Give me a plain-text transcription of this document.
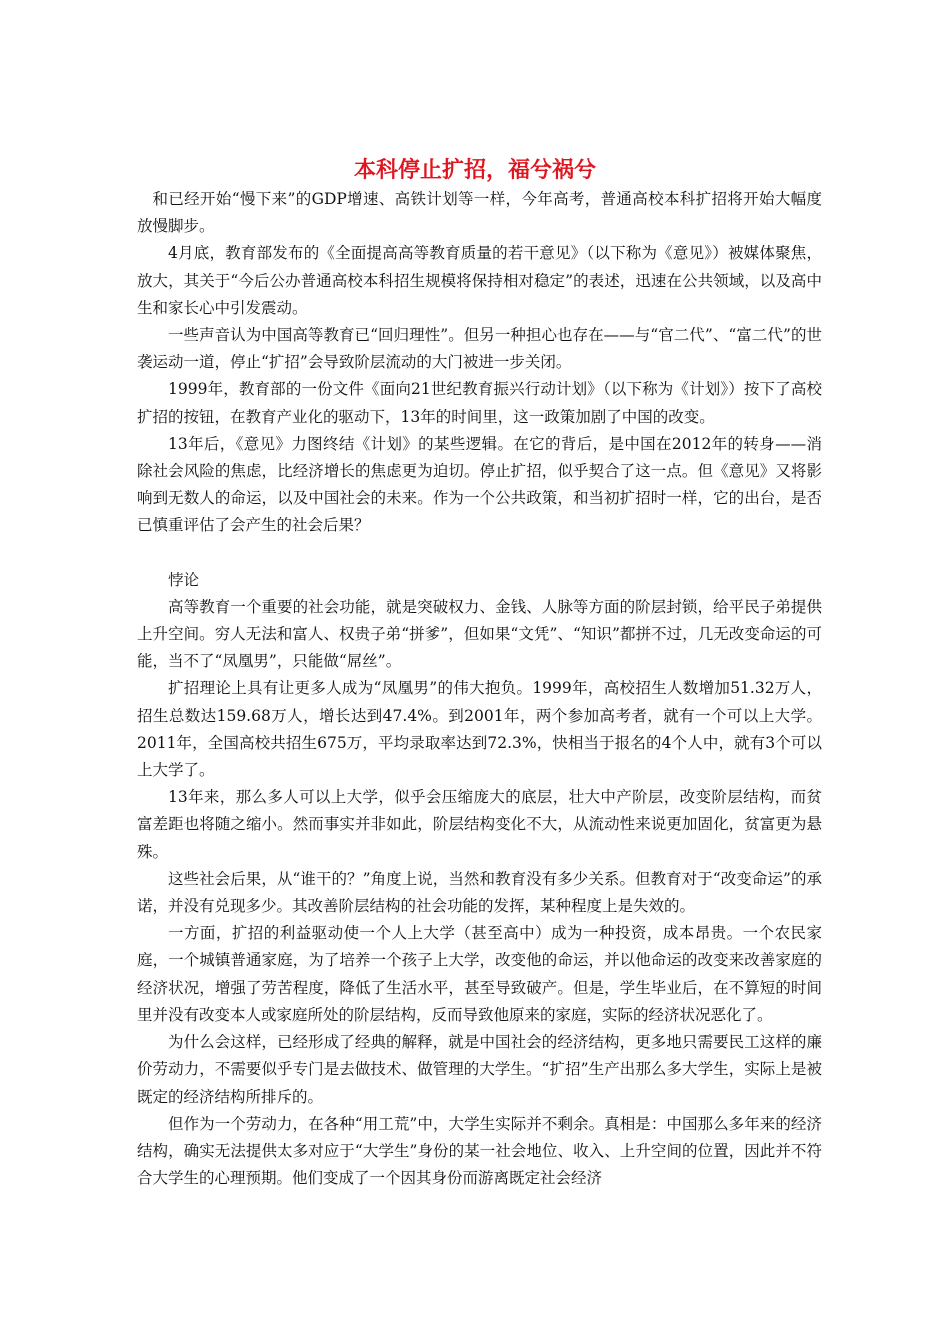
本科停止扩招，福兮祸兮

和已经开始“慢下来”的GDP增速、高铁计划等一样，今年高考，普通高校本科扩招将开始大幅度放慢脚步。

4月底，教育部发布的《全面提高高等教育质量的若干意见》（以下称为《意见》）被媒体聚焦，放大，其关于“今后公办普通高校本科招生规模将保持相对稳定”的表述，迅速在公共领域，以及高中生和家长心中引发震动。

一些声音认为中国高等教育已“回归理性”。但另一种担心也存在——与“官二代”、“富二代”的世袭运动一道，停止“扩招”会导致阶层流动的大门被进一步关闭。

1999年，教育部的一份文件《面向21世纪教育振兴行动计划》（以下称为《计划》）按下了高校扩招的按钮，在教育产业化的驱动下，13年的时间里，这一政策加剧了中国的改变。

13年后，《意见》力图终结《计划》的某些逻辑。在它的背后，是中国在2012年的转身——消除社会风险的焦虑，比经济增长的焦虑更为迫切。停止扩招，似乎契合了这一点。但《意见》又将影响到无数人的命运，以及中国社会的未来。作为一个公共政策，和当初扩招时一样，它的出台，是否已慎重评估了会产生的社会后果？

悖论

高等教育一个重要的社会功能，就是突破权力、金钱、人脉等方面的阶层封锁，给平民子弟提供上升空间。穷人无法和富人、权贵子弟“拼爹”，但如果“文凭”、“知识”都拼不过，几无改变命运的可能，当不了“凤凰男”，只能做“屌丝”。

扩招理论上具有让更多人成为“凤凰男”的伟大抱负。1999年，高校招生人数增加51.32万人，招生总数达159.68万人，增长达到47.4%。到2001年，两个参加高考者，就有一个可以上大学。2011年，全国高校共招生675万，平均录取率达到72.3%，快相当于报名的4个人中，就有3个可以上大学了。

13年来，那么多人可以上大学，似乎会压缩庞大的底层，壮大中产阶层，改变阶层结构，而贫富差距也将随之缩小。然而事实并非如此，阶层结构变化不大，从流动性来说更加固化，贫富更为悬殊。

这些社会后果，从“谁干的？”角度上说，当然和教育没有多少关系。但教育对于“改变命运”的承诺，并没有兑现多少。其改善阶层结构的社会功能的发挥，某种程度上是失效的。

一方面，扩招的利益驱动使一个人上大学（甚至高中）成为一种投资，成本昂贵。一个农民家庭，一个城镇普通家庭，为了培养一个孩子上大学，改变他的命运，并以他命运的改变来改善家庭的经济状况，增强了劳苦程度，降低了生活水平，甚至导致破产。但是，学生毕业后，在不算短的时间里并没有改变本人或家庭所处的阶层结构，反而导致他原来的家庭，实际的经济状况恶化了。

为什么会这样，已经形成了经典的解释，就是中国社会的经济结构，更多地只需要民工这样的廉价劳动力，不需要似乎专门是去做技术、做管理的大学生。“扩招”生产出那么多大学生，实际上是被既定的经济结构所排斥的。

但作为一个劳动力，在各种“用工荒”中，大学生实际并不剩余。真相是：中国那么多年来的经济结构，确实无法提供太多对应于“大学生”身份的某一社会地位、收入、上升空间的位置，因此并不符合大学生的心理预期。他们变成了一个因其身份而游离既定社会经济
